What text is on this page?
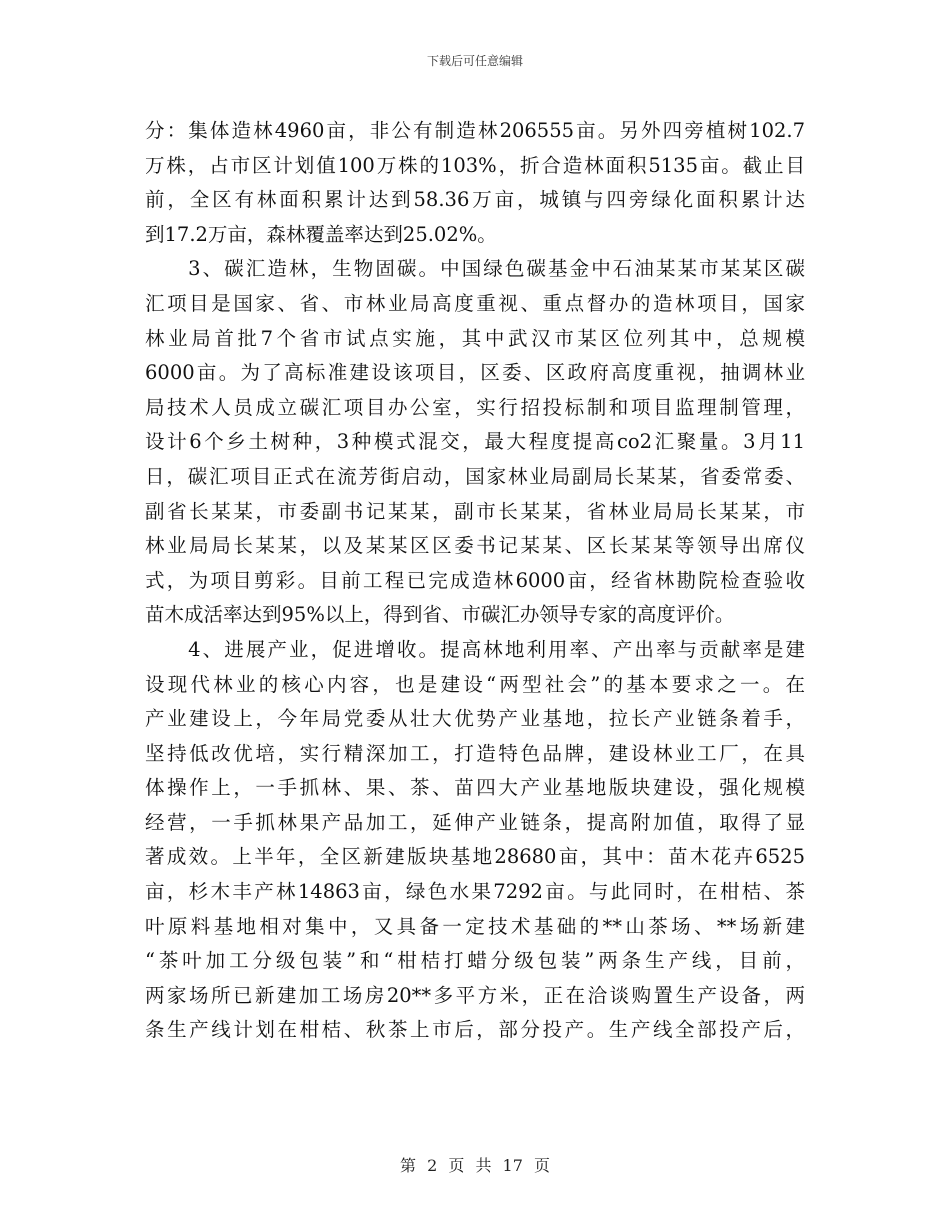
下载后可任意编辑
分：集体造林4960亩，非公有制造林206555亩。另外四旁植树102.7
万株，占市区计划值100万株的103%，折合造林面积5135亩。截止目
前，全区有林面积累计达到58.36万亩，城镇与四旁绿化面积累计达
到17.2万亩，森林覆盖率达到25.02%。
　　3、碳汇造林，生物固碳。中国绿色碳基金中石油某某市某某区碳
汇项目是国家、省、市林业局高度重视、重点督办的造林项目，国家
林业局首批7个省市试点实施，其中武汉市某区位列其中，总规模
6000亩。为了高标准建设该项目，区委、区政府高度重视，抽调林业
局技术人员成立碳汇项目办公室，实行招投标制和项目监理制管理，
设计6个乡土树种，3种模式混交，最大程度提高co2汇聚量。3月11
日，碳汇项目正式在流芳街启动，国家林业局副局长某某，省委常委、
副省长某某，市委副书记某某，副市长某某，省林业局局长某某，市
林业局局长某某，以及某某区区委书记某某、区长某某等领导出席仪
式，为项目剪彩。目前工程已完成造林6000亩，经省林勘院检查验收
苗木成活率达到95%以上，得到省、市碳汇办领导专家的高度评价。
　　4、进展产业，促进增收。提高林地利用率、产出率与贡献率是建
设现代林业的核心内容，也是建设“两型社会”的基本要求之一。在
产业建设上，今年局党委从壮大优势产业基地，拉长产业链条着手，
坚持低改优培，实行精深加工，打造特色品牌，建设林业工厂，在具
体操作上，一手抓林、果、茶、苗四大产业基地版块建设，强化规模
经营，一手抓林果产品加工，延伸产业链条，提高附加值，取得了显
著成效。上半年，全区新建版块基地28680亩，其中：苗木花卉6525
亩，杉木丰产林14863亩，绿色水果7292亩。与此同时，在柑桔、茶
叶原料基地相对集中，又具备一定技术基础的**山茶场、**场新建
“茶叶加工分级包装”和“柑桔打蜡分级包装”两条生产线，目前，
两家场所已新建加工场房20**多平方米，正在洽谈购置生产设备，两
条生产线计划在柑桔、秋茶上市后，部分投产。生产线全部投产后，
第 2 页 共 17 页
